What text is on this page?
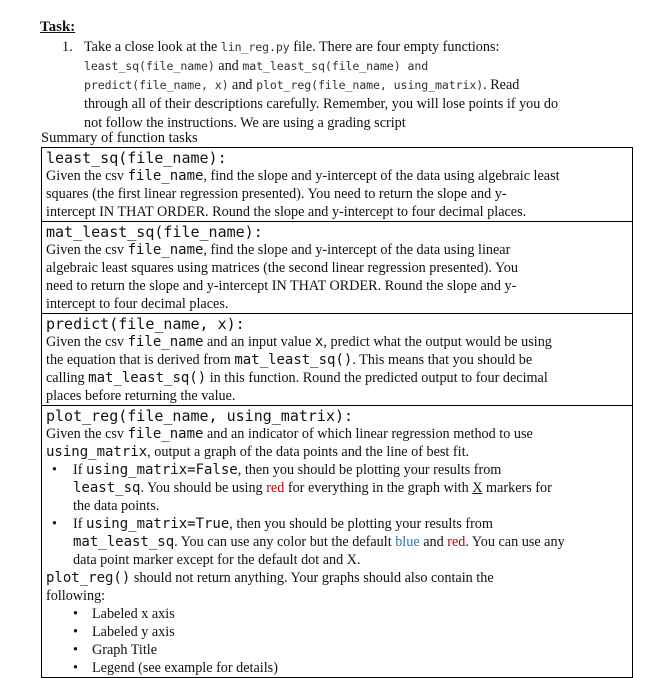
Task:
1. Take a close look at the lin_reg.py file. There are four empty functions:
least_sq(file_name) and mat_least_sq(file_name) and
predict(file_name, x) and plot_reg(file_name, using_matrix). Read
through all of their descriptions carefully. Remember, you will lose points if you do
not follow the instructions. We are using a grading script
Summary of function tasks
least_sq(file_name):
Given the csv file_name, find the slope and y-intercept of the data using algebraic least
squares (the first linear regression presented). You need to return the slope and y-
intercept IN THAT ORDER. Round the slope and y-intercept to four decimal places.
mat_least_sq(file_name):
Given the csv file_name, find the slope and y-intercept of the data using linear
algebraic least squares using matrices (the second linear regression presented). You
need to return the slope and y-intercept IN THAT ORDER. Round the slope and y-
intercept to four decimal places.
predict(file_name, x):
Given the csv file_name and an input value x, predict what the output would be using
the equation that is derived from mat_least_sq(). This means that you should be
calling mat_least_sq() in this function. Round the predicted output to four decimal
places before returning the value.
plot_reg(file_name, using_matrix):
Given the csv file_name and an indicator of which linear regression method to use
using_matrix, output a graph of the data points and the line of best fit.
• If using_matrix=False, then you should be plotting your results from
least_sq. You should be using red for everything in the graph with X markers for
the data points.
• If using_matrix=True, then you should be plotting your results from
mat_least_sq. You can use any color but the default blue and red. You can use any
data point marker except for the default dot and X.
plot_reg() should not return anything. Your graphs should also contain the
following:
• Labeled x axis
• Labeled y axis
• Graph Title
• Legend (see example for details)
